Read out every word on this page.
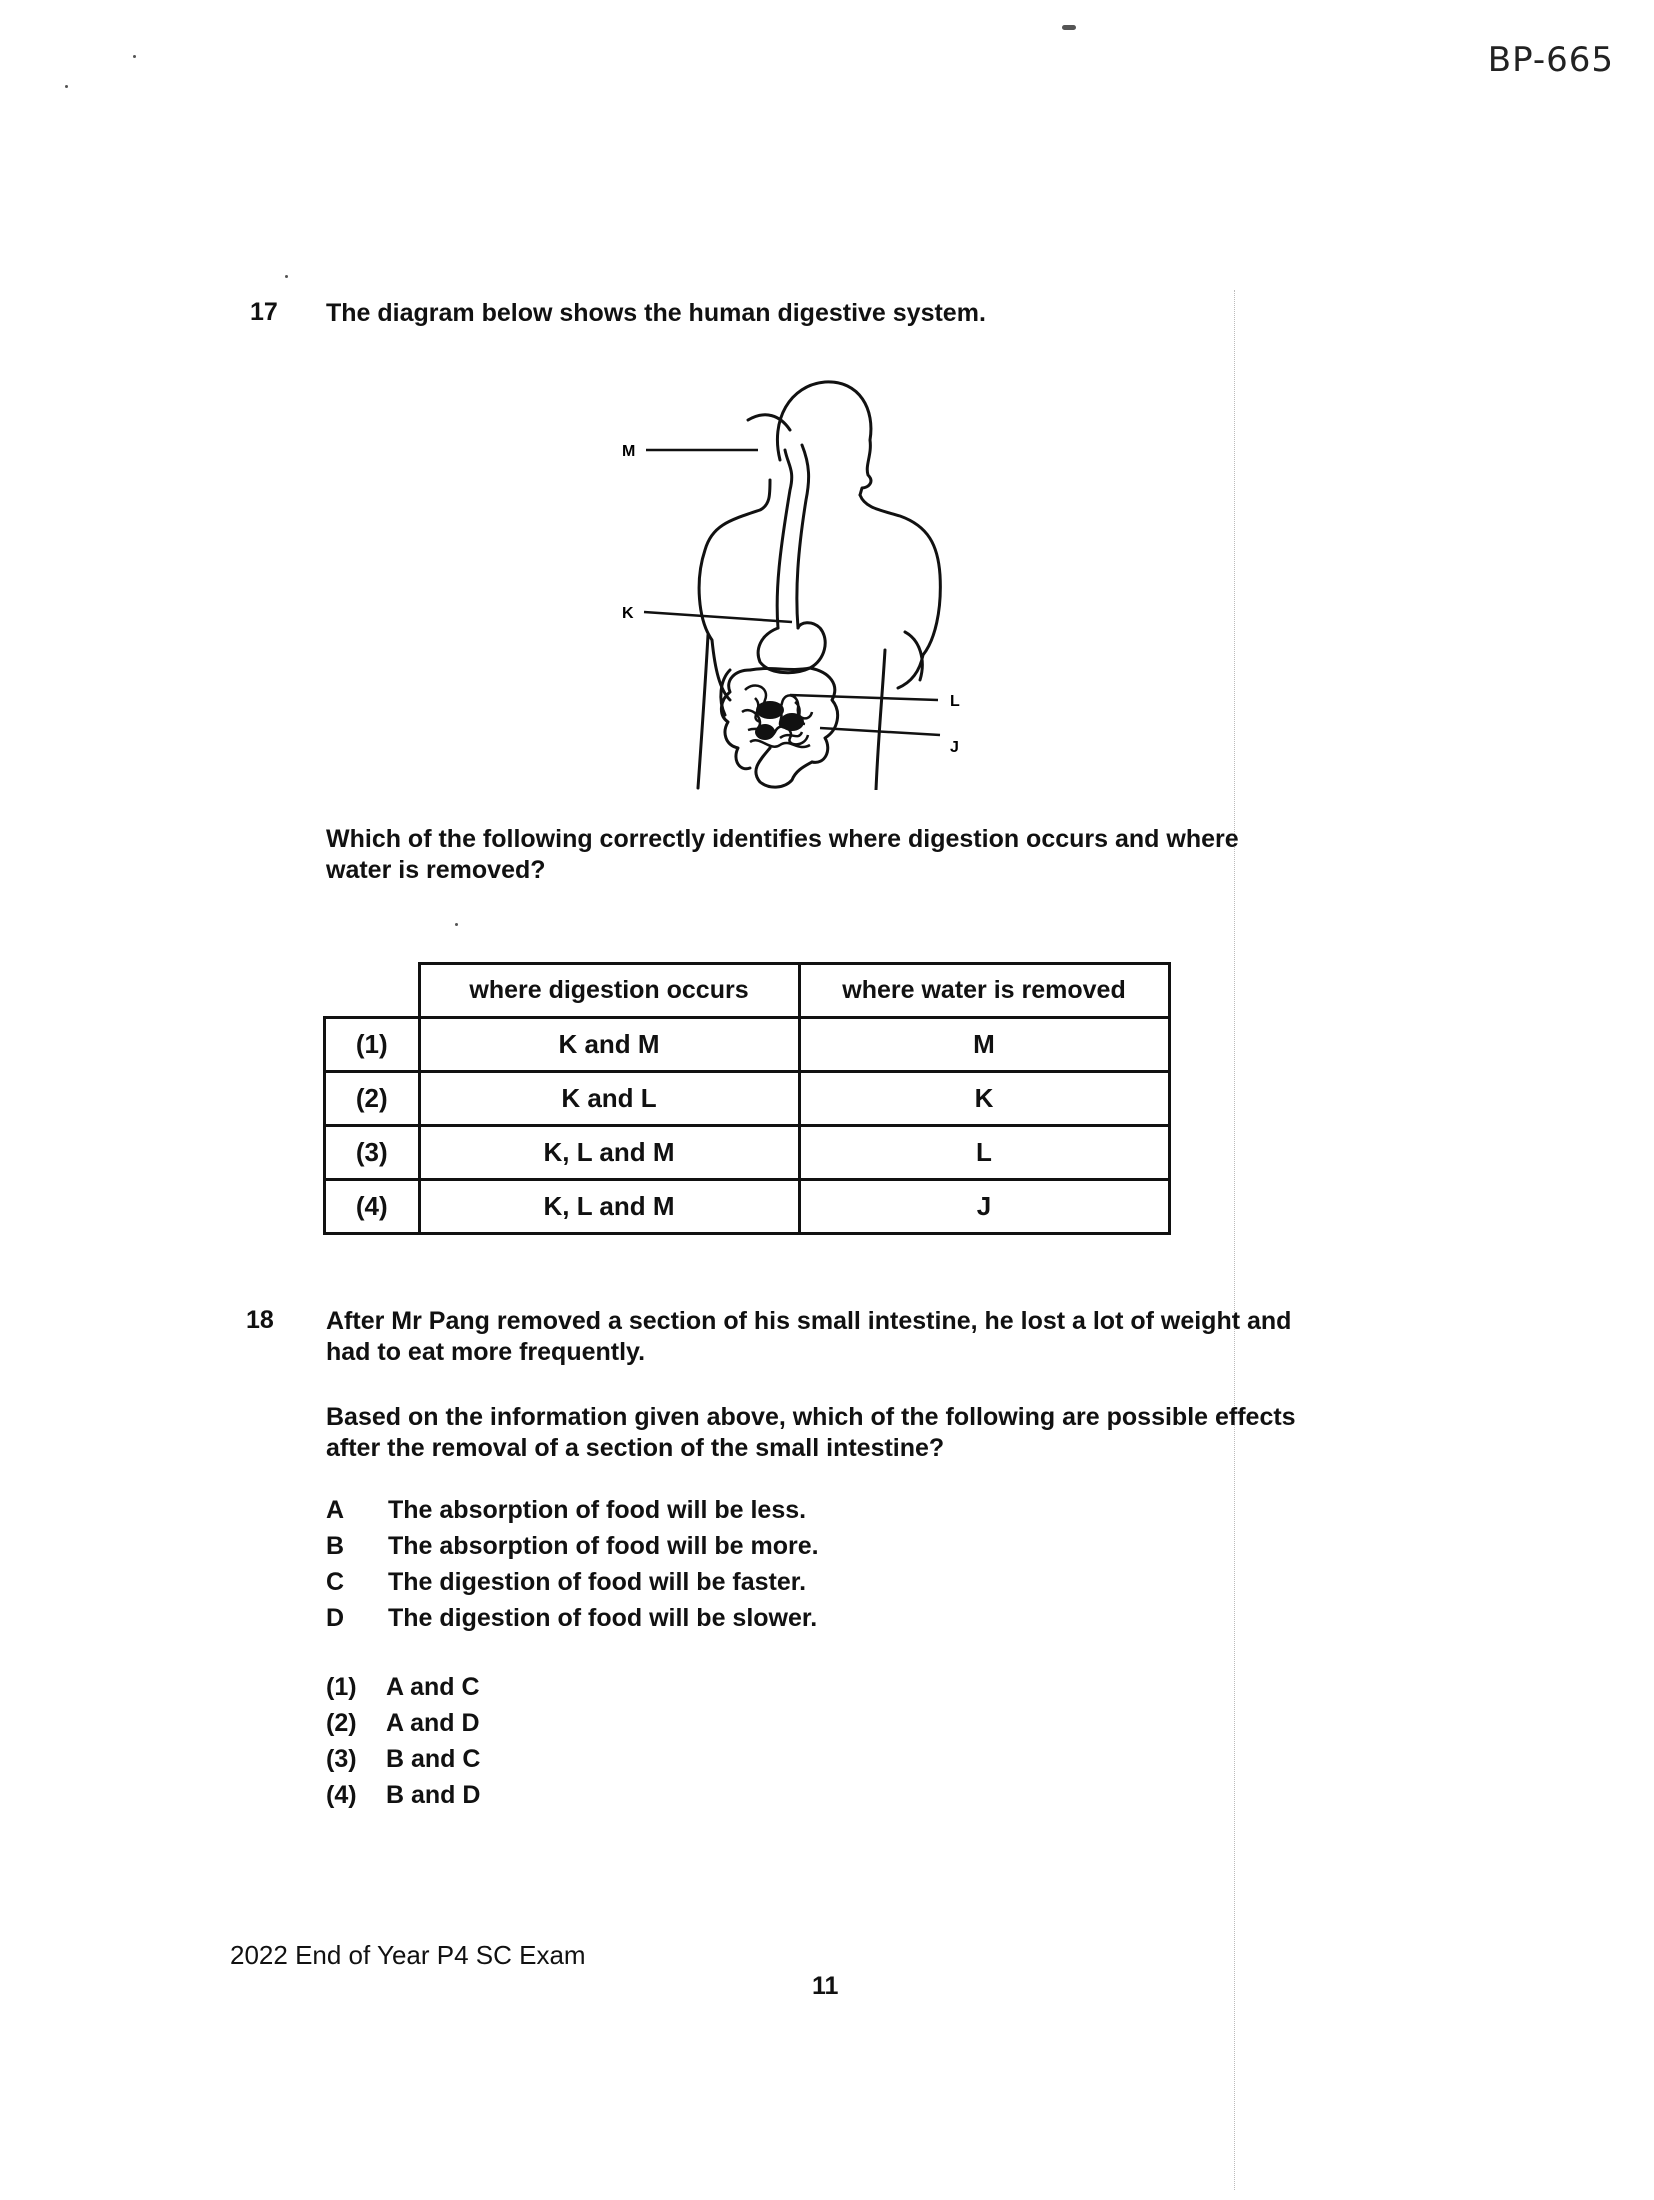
BP-665
17 The diagram below shows the human digestive system.
M
K
L
J
Which of the following correctly identifies where digestion occurs and where
water is removed?
	where digestion occurs	where water is removed
(1)	K and M	M
(2)	K and L	K
(3)	K, L and M	L
(4)	K, L and M	J
18 After Mr Pang removed a section of his small intestine, he lost a lot of weight and
had to eat more frequently.
Based on the information given above, which of the following are possible effects
after the removal of a section of the small intestine?
A The absorption of food will be less.
B The absorption of food will be more.
C The digestion of food will be faster.
D The digestion of food will be slower.
(1) A and C
(2) A and D
(3) B and C
(4) B and D
2022 End of Year P4 SC Exam
11
